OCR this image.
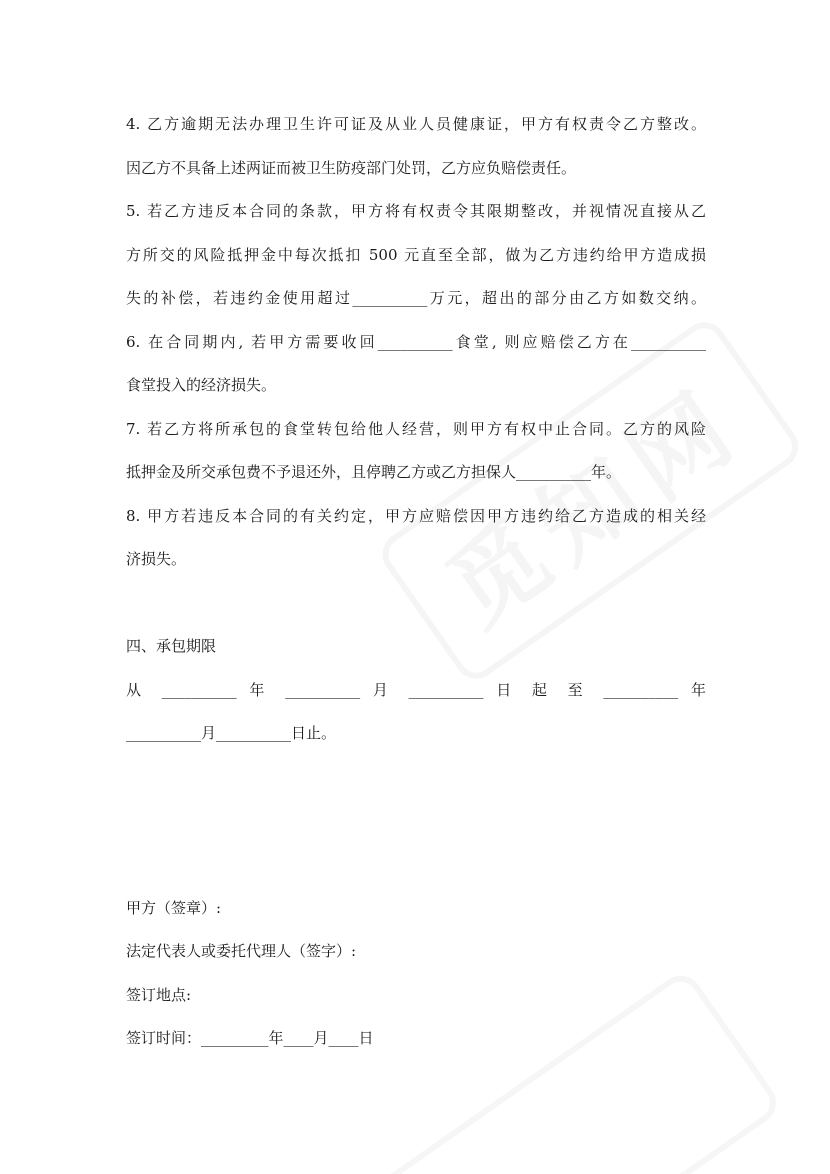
4. 乙方逾期无法办理卫生许可证及从业人员健康证，甲方有权责令乙方整改。
因乙方不具备上述两证而被卫生防疫部门处罚，乙方应负赔偿责任。
5. 若乙方违反本合同的条款，甲方将有权责令其限期整改，并视情况直接从乙
方所交的风险抵押金中每次抵扣 500 元直至全部，做为乙方违约给甲方造成损
失的补偿，若违约金使用超过__________万元，超出的部分由乙方如数交纳。
6. 在合同期内, 若甲方需要收回__________食堂, 则应赔偿乙方在__________
食堂投入的经济损失。
7. 若乙方将所承包的食堂转包给他人经营，则甲方有权中止合同。乙方的风险
抵押金及所交承包费不予退还外，且停聘乙方或乙方担保人__________年。
8. 甲方若违反本合同的有关约定，甲方应赔偿因甲方违约给乙方造成的相关经
济损失。
四、承包期限
从 __________ 年 __________ 月 __________ 日 起 至 __________ 年
__________月__________日止。
甲方（签章）:
法定代表人或委托代理人（签字）:
签订地点:
签订时间：_________年____月____日
